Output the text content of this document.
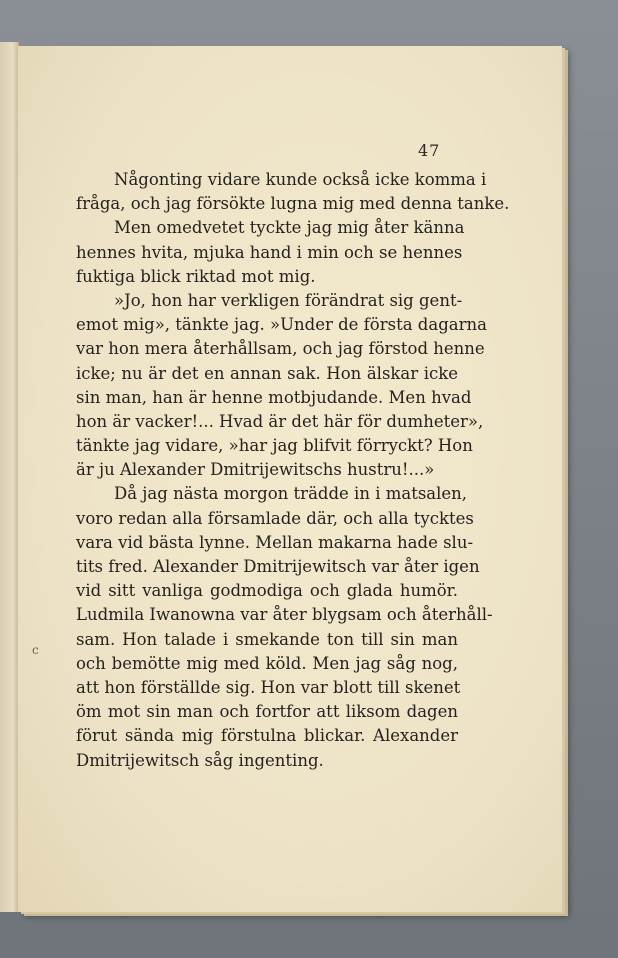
47
Någonting vidare kunde också icke komma i
fråga, och jag försökte lugna mig med denna tanke.
Men omedvetet tyckte jag mig åter känna
hennes hvita, mjuka hand i min och se hennes
fuktiga blick riktad mot mig.
»Jo, hon har verkligen förändrat sig gent-
emot mig», tänkte jag. »Under de första dagarna
var hon mera återhållsam, och jag förstod henne
icke; nu är det en annan sak. Hon älskar icke
sin man, han är henne motbjudande. Men hvad
hon är vacker!... Hvad är det här för dumheter»,
tänkte jag vidare, »har jag blifvit förryckt? Hon
är ju Alexander Dmitrijewitschs hustru!...»
Då jag nästa morgon trädde in i matsalen,
voro redan alla församlade där, och alla tycktes
vara vid bästa lynne. Mellan makarna hade slu-
tits fred. Alexander Dmitrijewitsch var åter igen
vid sitt vanliga godmodiga och glada humör.
Ludmila Iwanowna var åter blygsam och återhåll-
sam. Hon talade i smekande ton till sin man
och bemötte mig med köld. Men jag såg nog,
att hon förställde sig. Hon var blott till skenet
öm mot sin man och fortfor att liksom dagen
förut sända mig förstulna blickar. Alexander
Dmitrijewitsch såg ingenting.
c
